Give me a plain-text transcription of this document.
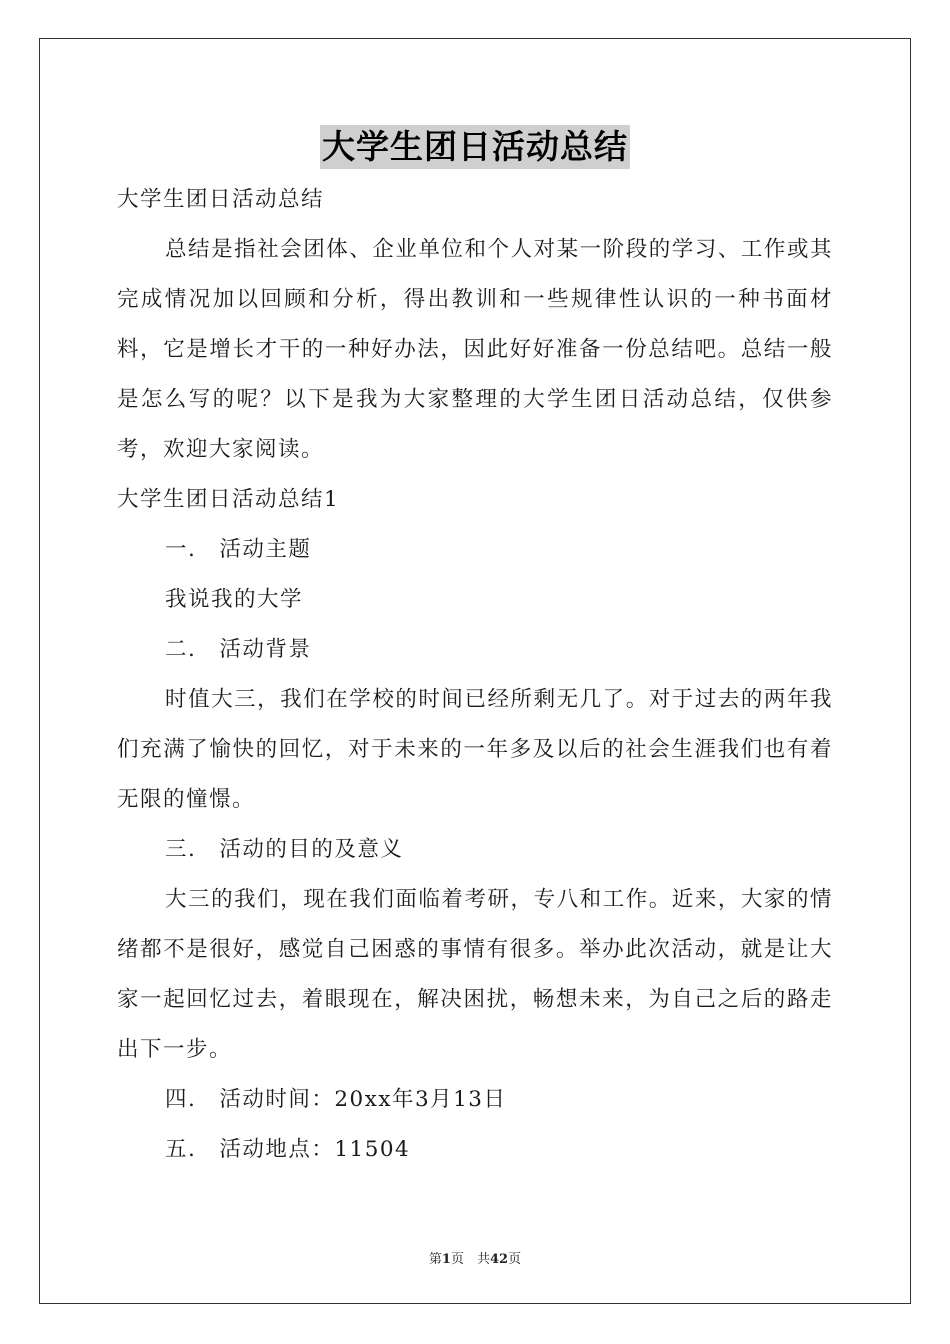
大学生团日活动总结

大学生团日活动总结

总结是指社会团体、企业单位和个人对某一阶段的学习、工作或其完成情况加以回顾和分析，得出教训和一些规律性认识的一种书面材料，它是增长才干的一种好办法，因此好好准备一份总结吧。总结一般是怎么写的呢？以下是我为大家整理的大学生团日活动总结，仅供参考，欢迎大家阅读。

大学生团日活动总结1

一.　活动主题

我说我的大学

二.　活动背景

时值大三，我们在学校的时间已经所剩无几了。对于过去的两年我们充满了愉快的回忆，对于未来的一年多及以后的社会生涯我们也有着无限的憧憬。

三.　活动的目的及意义

大三的我们，现在我们面临着考研，专八和工作。近来，大家的情绪都不是很好，感觉自己困惑的事情有很多。举办此次活动，就是让大家一起回忆过去，着眼现在，解决困扰，畅想未来，为自己之后的路走出下一步。

四.　活动时间：20xx年3月13日

五.　活动地点：11504

第1页　共42页
